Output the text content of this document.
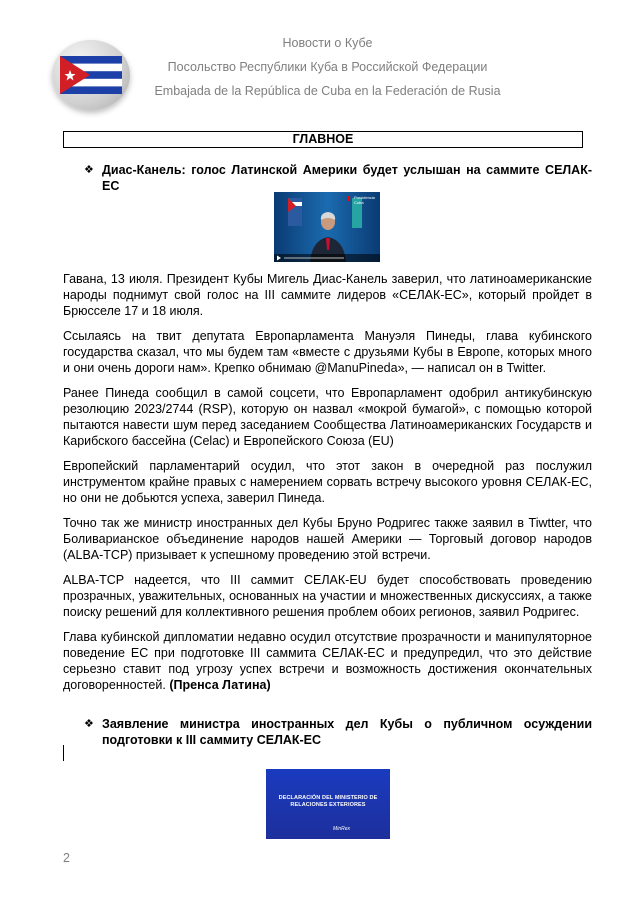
Новости о Кубе
Посольство Республики Куба в Российской Федерации
Embajada de la República de Cuba en la Federación de Rusia
ГЛАВНОЕ
❖ Диас-Канель: голос Латинской Америки будет услышан на саммите СЕЛАК-ЕС
Presidencia Cuba

Гавана, 13 июля. Президент Кубы Мигель Диас-Канель заверил, что латиноамериканские народы поднимут свой голос на III саммите лидеров «СЕЛАК-ЕС», который пройдет в Брюсселе 17 и 18 июля.

Ссылаясь на твит депутата Европарламента Мануэля Пинеды, глава кубинского государства сказал, что мы будем там «вместе с друзьями Кубы в Европе, которых много и они очень дороги нам». Крепко обнимаю @ManuPineda», — написал он в Twitter.

Ранее Пинеда сообщил в самой соцсети, что Европарламент одобрил антикубинскую резолюцию 2023/2744 (RSP), которую он назвал «мокрой бумагой», с помощью которой пытаются навести шум перед заседанием Сообщества Латиноамериканских Государств и Карибского бассейна (Celac) и Европейского Союза (EU)

Европейский парламентарий осудил, что этот закон в очередной раз послужил инструментом крайне правых с намерением сорвать встречу высокого уровня СЕЛАК-ЕС, но они не добьются успеха, заверил Пинеда.

Точно так же министр иностранных дел Кубы Бруно Родригес также заявил в Tiwtter, что Боливарианское объединение народов нашей Америки — Торговый договор народов (ALBA-TCP) призывает к успешному проведению этой встречи.

ALBA-TCP надеется, что III саммит СЕЛАК-EU будет способствовать проведению прозрачных, уважительных, основанных на участии и множественных дискуссиях, а также поиску решений для коллективного решения проблем обоих регионов, заявил Родригес.

Глава кубинской дипломатии недавно осудил отсутствие прозрачности и манипуляторное поведение ЕС при подготовке III саммита СЕЛАК-ЕС и предупредил, что это действие серьезно ставит под угрозу успех встречи и возможность достижения окончательных договоренностей. (Пренса Латина)

❖ Заявление министра иностранных дел Кубы о публичном осуждении подготовки к III саммиту СЕЛАК-ЕС
DECLARACIÓN DEL MINISTERIO DE RELACIONES EXTERIORES
MinRex
2
